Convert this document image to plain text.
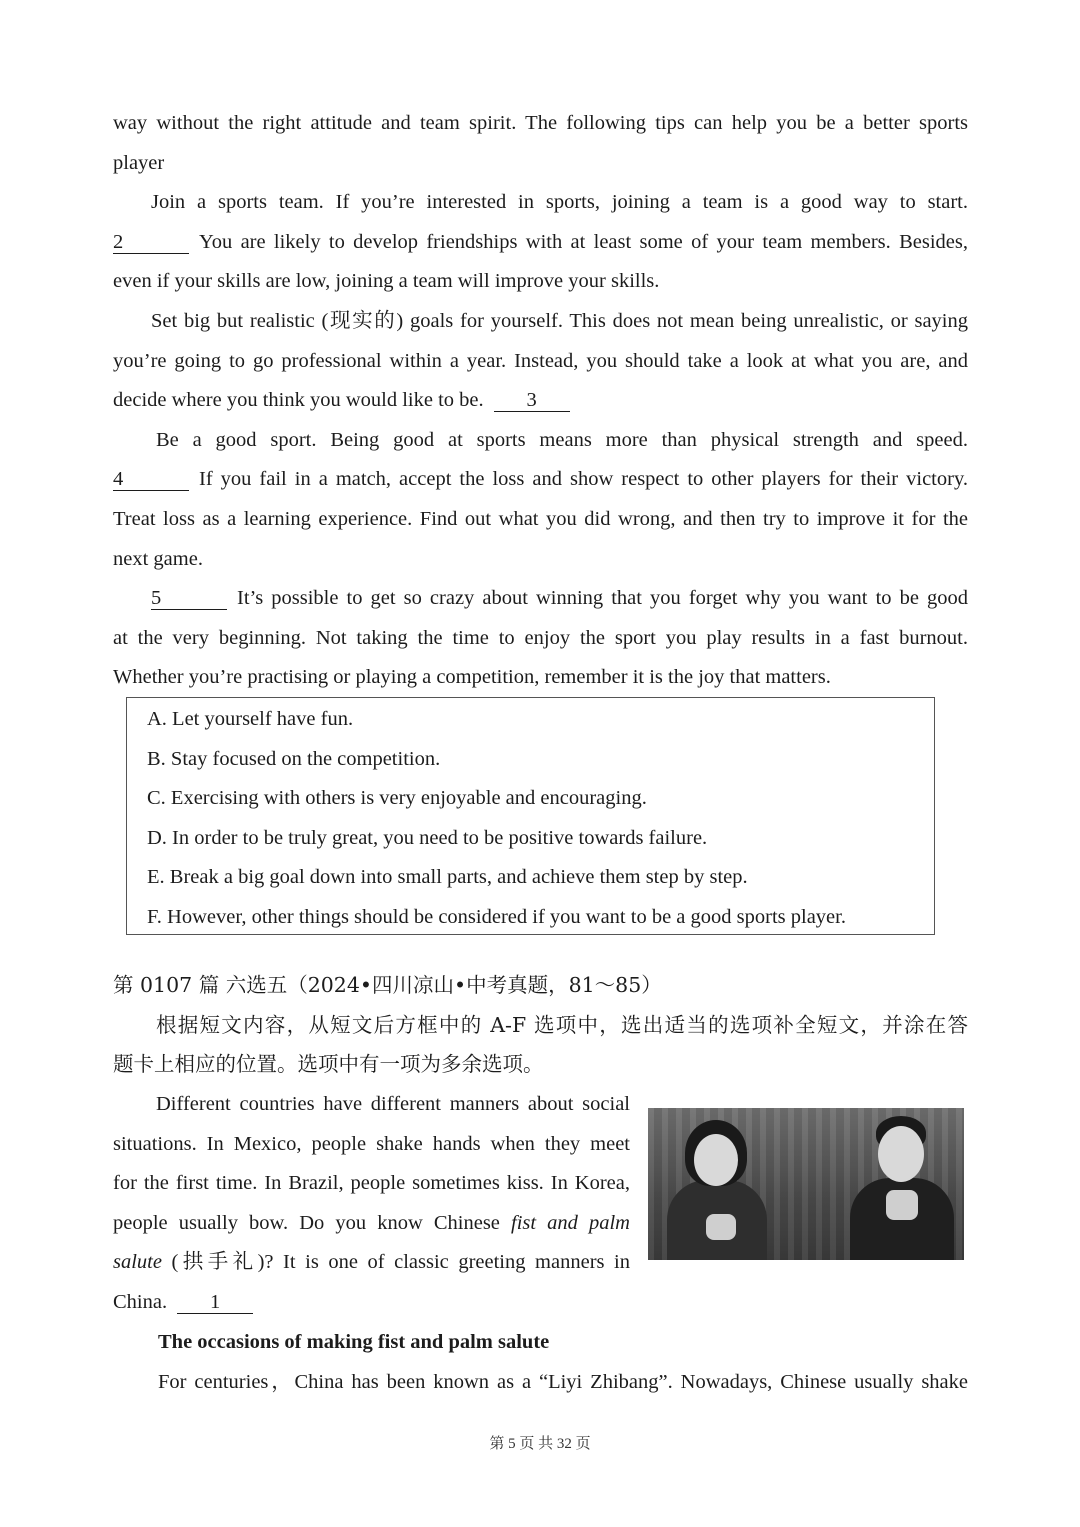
way without the right attitude and team spirit. The following tips can help you be a better sports
player
Join a sports team. If you’re interested in sports, joining a team is a good way to start.
2	You are likely to develop friendships with at least some of your team members. Besides,
even if your skills are low, joining a team will improve your skills.
Set big but realistic (现实的) goals for yourself. This does not mean being unrealistic, or saying
you’re going to go professional within a year. Instead, you should take a look at what you are, and
decide where you think you would like to be. 3
Be a good sport. Being good at sports means more than physical strength and speed.
4	If you fail in a match, accept the loss and show respect to other players for their victory.
Treat loss as a learning experience. Find out what you did wrong, and then try to improve it for the
next game.
5	It’s possible to get so crazy about winning that you forget why you want to be good
at the very beginning. Not taking the time to enjoy the sport you play results in a fast burnout.
Whether you’re practising or playing a competition, remember it is the joy that matters.
A. Let yourself have fun.
B. Stay focused on the competition.
C. Exercising with others is very enjoyable and encouraging.
D. In order to be truly great, you need to be positive towards failure.
E. Break a big goal down into small parts, and achieve them step by step.
F. However, other things should be considered if you want to be a good sports player.
第 0107 篇 六选五（2024•四川凉山•中考真题，81～85）
根据短文内容，从短文后方框中的 A-F 选项中，选出适当的选项补全短文，并涂在答
题卡上相应的位置。选项中有一项为多余选项。
Different countries have different manners about social
situations. In Mexico, people shake hands when they meet
for the first time. In Brazil, people sometimes kiss. In Korea,
people usually bow. Do you know Chinese fist and palm
salute (拱手礼)? It is one of classic greeting manners in
China. 1
The occasions of making fist and palm salute
For centuries，China has been known as a “Liyi Zhibang”. Nowadays, Chinese usually shake
第 5 页 共 32 页
